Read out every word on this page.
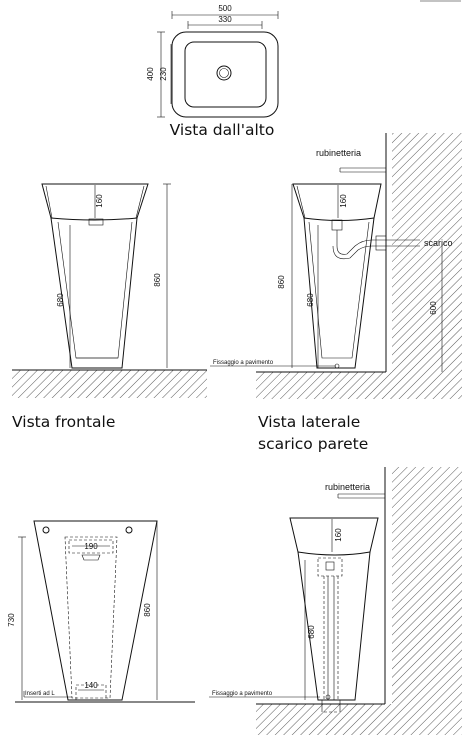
500
330
400 230
Vista dall'alto
160
680
860
Vista frontale
rubinetteria
160
scarico
600
680
860
Fissaggio a pavimento
Vista laterale
scarico parete
190
140
730
860
Inserti ad L
rubinetteria
160
680
Fissaggio a pavimento
